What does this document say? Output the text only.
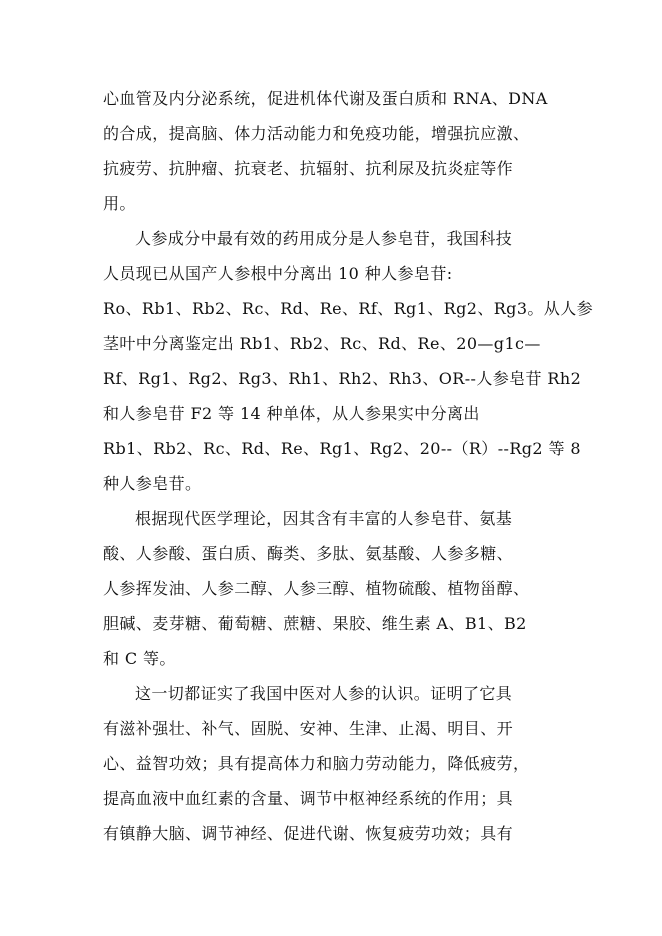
心血管及内分泌系统，促进机体代谢及蛋白质和 RNA、DNA

的合成，提高脑、体力活动能力和免疫功能，增强抗应激、

抗疲劳、抗肿瘤、抗衰老、抗辐射、抗利尿及抗炎症等作

用。

人参成分中最有效的药用成分是人参皂苷，我国科技

人员现已从国产人参根中分离出 10 种人参皂苷:

Ro、Rb1、Rb2、Rc、Rd、Re、Rf、Rg1、Rg2、Rg3。从人参

茎叶中分离鉴定出 Rb1、Rb2、Rc、Rd、Re、20—g1c—

Rf、Rg1、Rg2、Rg3、Rh1、Rh2、Rh3、OR--人参皂苷 Rh2

和人参皂苷 F2 等 14 种单体，从人参果实中分离出

Rb1、Rb2、Rc、Rd、Re、Rg1、Rg2、20--（R）--Rg2 等 8

种人参皂苷。

根据现代医学理论，因其含有丰富的人参皂苷、氨基

酸、人参酸、蛋白质、酶类、多肽、氨基酸、人参多糖、

人参挥发油、人参二醇、人参三醇、植物硫酸、植物甾醇、

胆碱、麦芽糖、葡萄糖、蔗糖、果胶、维生素 A、B1、B2

和 C 等。

这一切都证实了我国中医对人参的认识。证明了它具

有滋补强壮、补气、固脱、安神、生津、止渴、明目、开

心、益智功效；具有提高体力和脑力劳动能力，降低疲劳，

提高血液中血红素的含量、调节中枢神经系统的作用；具

有镇静大脑、调节神经、促进代谢、恢复疲劳功效；具有
